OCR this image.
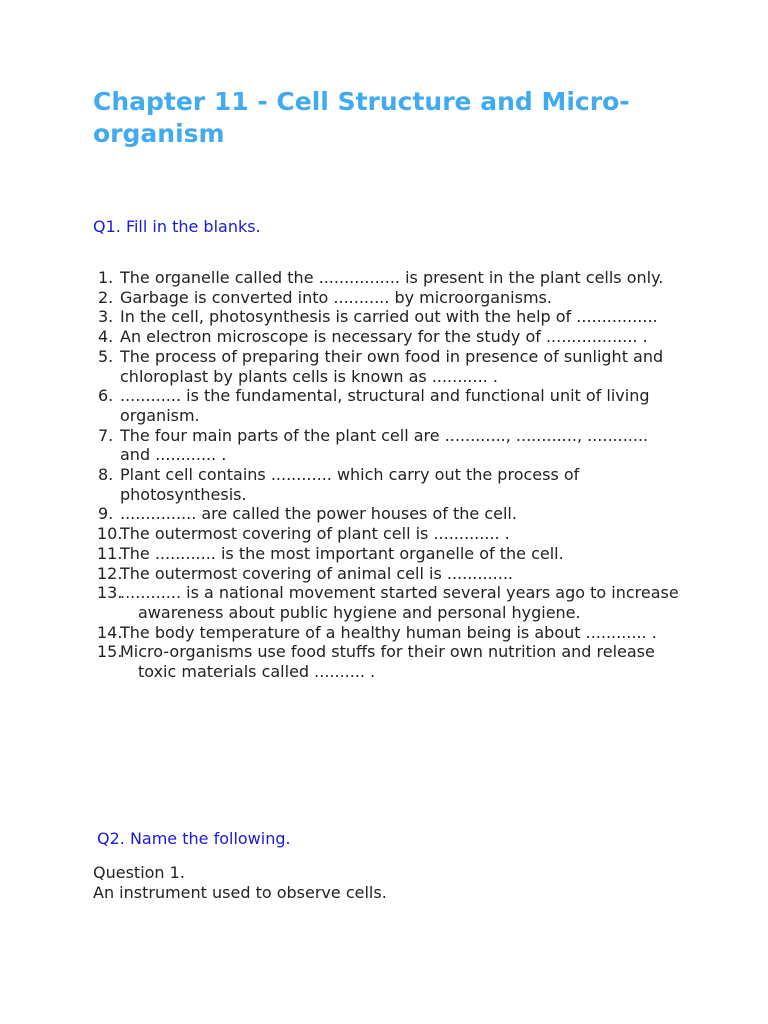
Chapter 11 - Cell Structure and Micro-organism
Q1. Fill in the blanks.
1. The organelle called the ................ is present in the plant cells only.
2. Garbage is converted into ........... by microorganisms.
3. In the cell, photosynthesis is carried out with the help of ................
4. An electron microscope is necessary for the study of .................. .
5. The process of preparing their own food in presence of sunlight and chloroplast by plants cells is known as ........... .
6. ............ is the fundamental, structural and functional unit of living organism.
7. The four main parts of the plant cell are ............, ............, ............ and ............ .
8. Plant cell contains ............ which carry out the process of photosynthesis.
9. ............... are called the power houses of the cell.
10.
The outermost covering of plant cell is ............. .
11.
The ............ is the most important organelle of the cell.
12.
The outermost covering of animal cell is .............
13.
............ is a national movement started several years ago to increase awareness about public hygiene and personal hygiene.
14.
The body temperature of a healthy human being is about ............ .
15.
Micro-organisms use food stuffs for their own nutrition and release toxic materials called .......... .
Q2. Name the following.

Question 1.

An instrument used to observe cells.
